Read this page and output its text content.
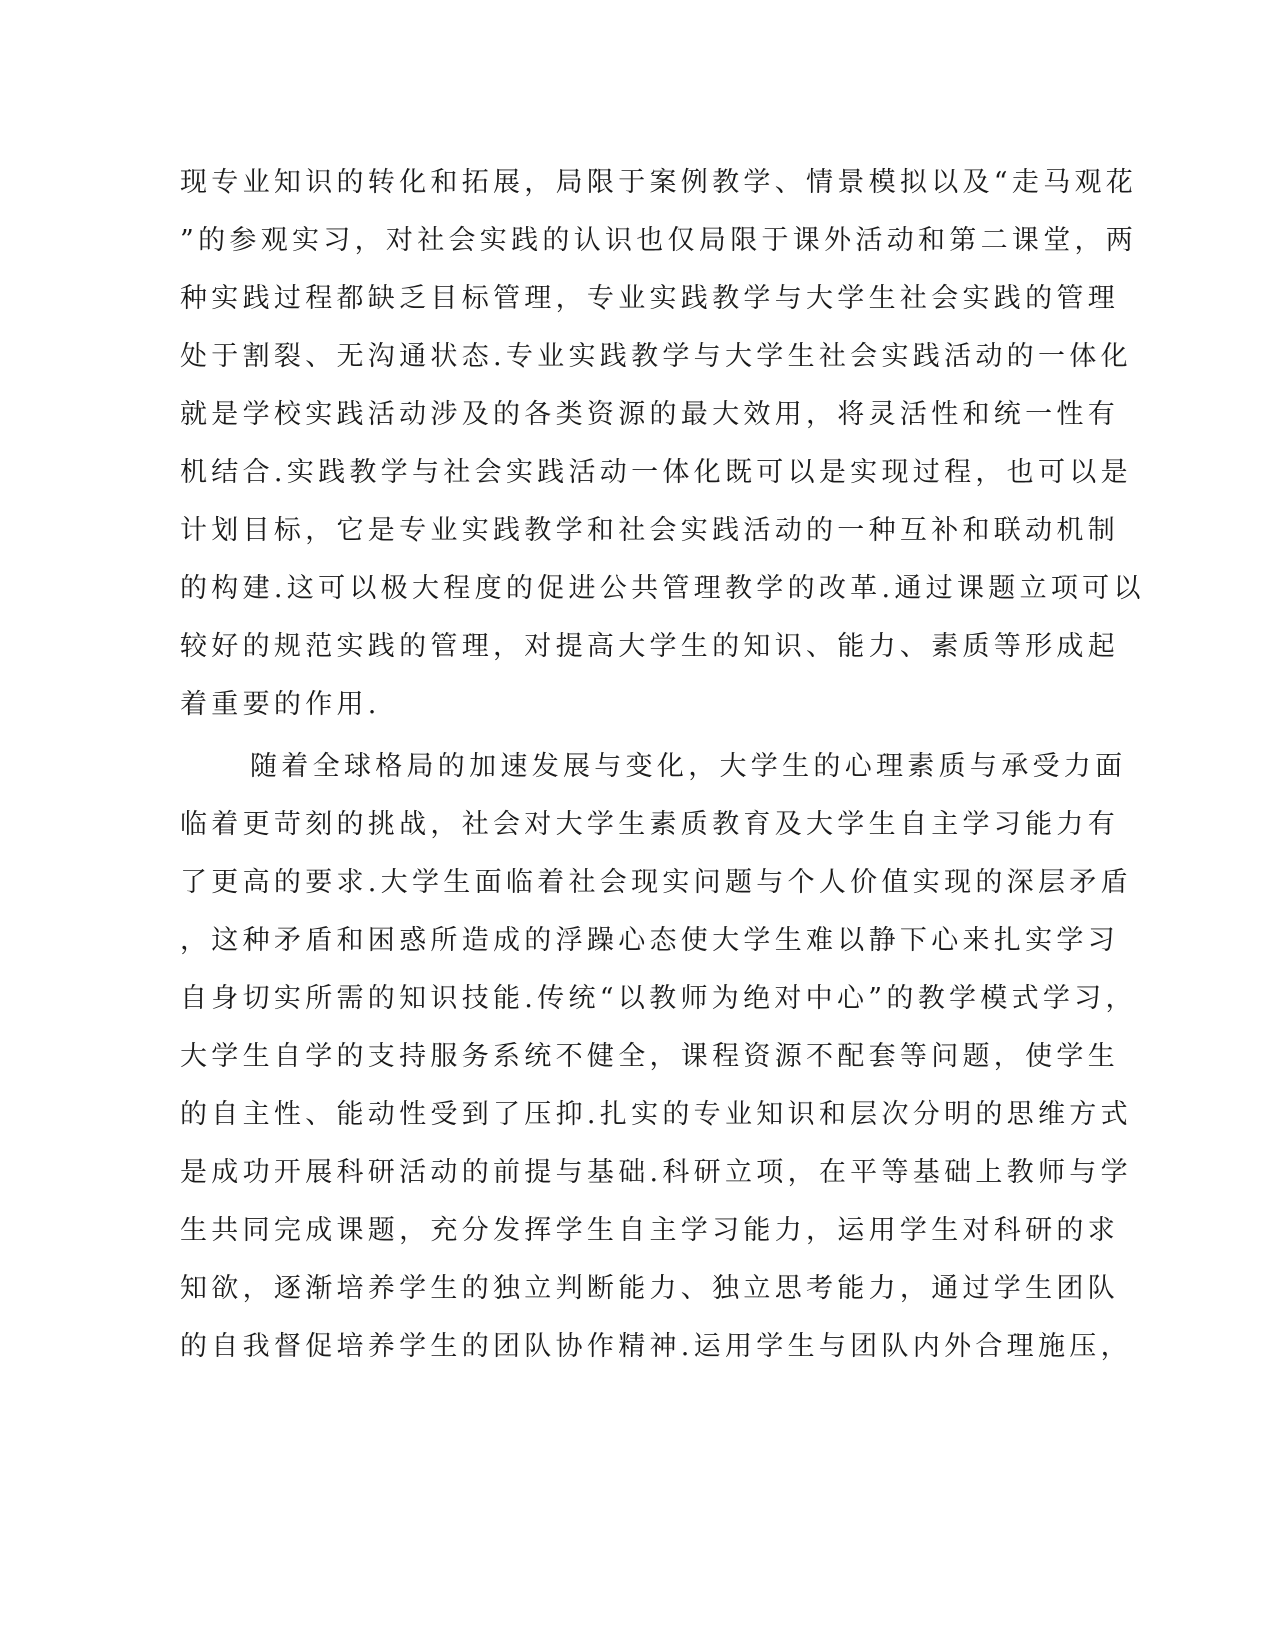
现专业知识的转化和拓展，局限于案例教学、情景模拟以及“走马观花
”的参观实习，对社会实践的认识也仅局限于课外活动和第二课堂，两
种实践过程都缺乏目标管理，专业实践教学与大学生社会实践的管理
处于割裂、无沟通状态.专业实践教学与大学生社会实践活动的一体化
就是学校实践活动涉及的各类资源的最大效用，将灵活性和统一性有
机结合.实践教学与社会实践活动一体化既可以是实现过程，也可以是
计划目标，它是专业实践教学和社会实践活动的一种互补和联动机制
的构建.这可以极大程度的促进公共管理教学的改革.通过课题立项可以
较好的规范实践的管理，对提高大学生的知识、能力、素质等形成起
着重要的作用.
随着全球格局的加速发展与变化，大学生的心理素质与承受力面
临着更苛刻的挑战，社会对大学生素质教育及大学生自主学习能力有
了更高的要求.大学生面临着社会现实问题与个人价值实现的深层矛盾
，这种矛盾和困惑所造成的浮躁心态使大学生难以静下心来扎实学习
自身切实所需的知识技能.传统“以教师为绝对中心”的教学模式学习，
大学生自学的支持服务系统不健全，课程资源不配套等问题，使学生
的自主性、能动性受到了压抑.扎实的专业知识和层次分明的思维方式
是成功开展科研活动的前提与基础.科研立项，在平等基础上教师与学
生共同完成课题，充分发挥学生自主学习能力，运用学生对科研的求
知欲，逐渐培养学生的独立判断能力、独立思考能力，通过学生团队
的自我督促培养学生的团队协作精神.运用学生与团队内外合理施压，
